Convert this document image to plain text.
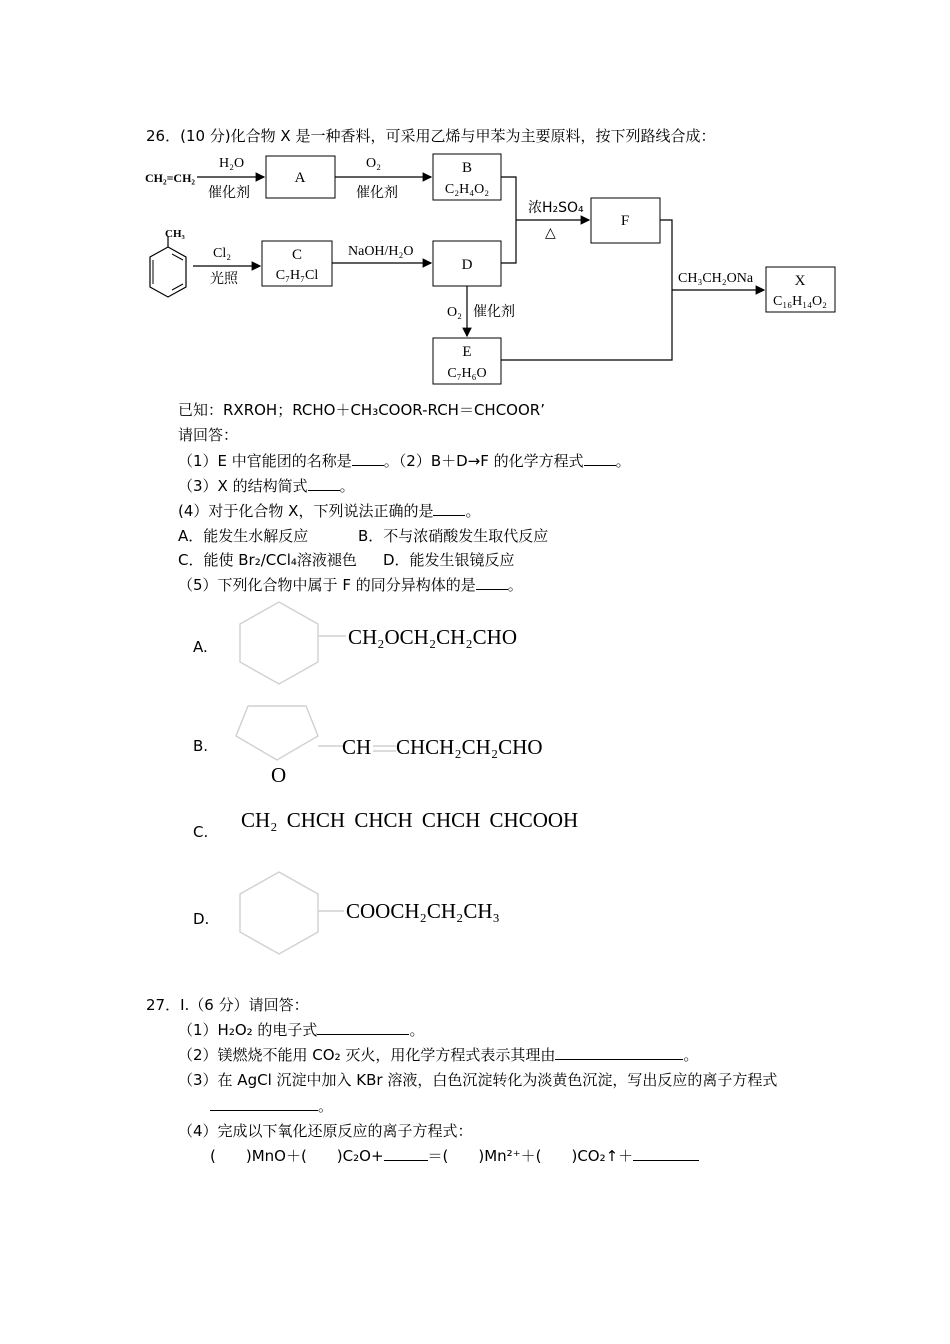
26．(10 分)化合物 X 是一种香料，可采用乙烯与甲苯为主要原料，按下列路线合成：
CH₂=CH₂
H₂O
催化剂
A
O₂
催化剂
B
C₂H₄O₂
浓H₂SO₄
△
F
CH₃
Cl₂
光照
C
C₇H₇Cl
NaOH/H₂O
D
O₂ 催化剂
E
C₇H₆O
CH₃CH₂ONa	X
C₁₆H₁₄O₂
已知：RXROH；RCHO＋CH₃COOR-RCH＝CHCOOR’
请回答：
（1）E 中官能团的名称是 。（2）B＋D→F 的化学方程式 。
（3）X 的结构简式 。
(4）对于化合物 X，下列说法正确的是 。
A．能发生水解反应	B．不与浓硝酸发生取代反应
C．能使 Br₂/CCl₄溶液褪色 D．能发生银镜反应
（5）下列化合物中属于 F 的同分异构体的是 。
A.	CH₂OCH₂CH₂CHO
B.	CH CHCH₂CH₂CHO
O
C. CH₂ CHCH CHCH CHCH CHCOOH
D.	COOCH₂CH₂CH₃
27．Ⅰ.（6 分）请回答：
（1）H₂O₂ 的电子式	。
（2）镁燃烧不能用 CO₂ 灭火，用化学方程式表示其理由	。
（3）在 AgCl 沉淀中加入 KBr 溶液，白色沉淀转化为淡黄色沉淀，写出反应的离子方程式
。
（4）完成以下氧化还原反应的离子方程式：
(　　)MnO＋(　　)C₂O+	＝(　　)Mn²⁺＋(　　)CO₂↑＋
